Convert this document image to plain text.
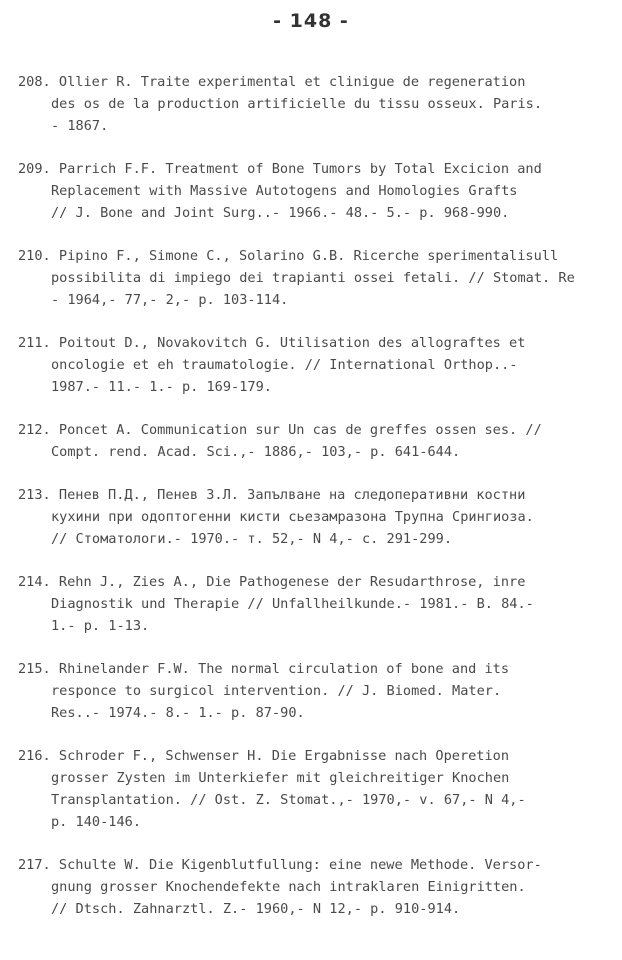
- 148 -
208. Ollier R. Traite experimental et clinigue de regeneration
des os de la production artificielle du tissu osseux. Paris.
- 1867.
209. Parrich F.F. Treatment of Bone Tumors by Total Excicion and
Replacement with Massive Autotogens and Homologies Grafts
// J. Bone and Joint Surg..- 1966.- 48.- 5.- p. 968-990.
210. Pipino F., Simone C., Solarino G.B. Ricerche sperimentalisull
possibilita di impiego dei trapianti ossei fetali. // Stomat. Re
- 1964,- 77,- 2,- p. 103-114.
211. Poitout D., Novakovitch G. Utilisation des allograftes et
oncologie et eh traumatologie. // International Orthop..-
1987.- 11.- 1.- p. 169-179.
212. Poncet A. Communication sur Un cas de greffes ossen ses. //
Compt. rend. Acad. Sci.,- 1886,- 103,- p. 641-644.
213. Пенев П.Д., Пенев З.Л. Запълване на следоперативни костни
кухини при одоптогенни кисти сьезамразона Трупна Срингиоза.
// Стоматологи.- 1970.- т. 52,- N 4,- с. 291-299.
214. Rehn J., Zies A., Die Pathogenese der Resudarthrose, inre
Diagnostik und Therapie // Unfallheilkunde.- 1981.- B. 84.-
1.- p. 1-13.
215. Rhinelander F.W. The normal circulation of bone and its
responce to surgicol intervention. // J. Biomed. Mater.
Res..- 1974.- 8.- 1.- p. 87-90.
216. Schroder F., Schwenser H. Die Ergabnisse nach Operetion
grosser Zysten im Unterkiefer mit gleichreitiger Knochen
Transplantation. // Ost. Z. Stomat.,- 1970,- v. 67,- N 4,-
p. 140-146.
217. Schulte W. Die Kigenblutfullung: eine newe Methode. Versor-
gnung grosser Knochendefekte nach intraklaren Einigritten.
// Dtsch. Zahnarztl. Z.- 1960,- N 12,- p. 910-914.
